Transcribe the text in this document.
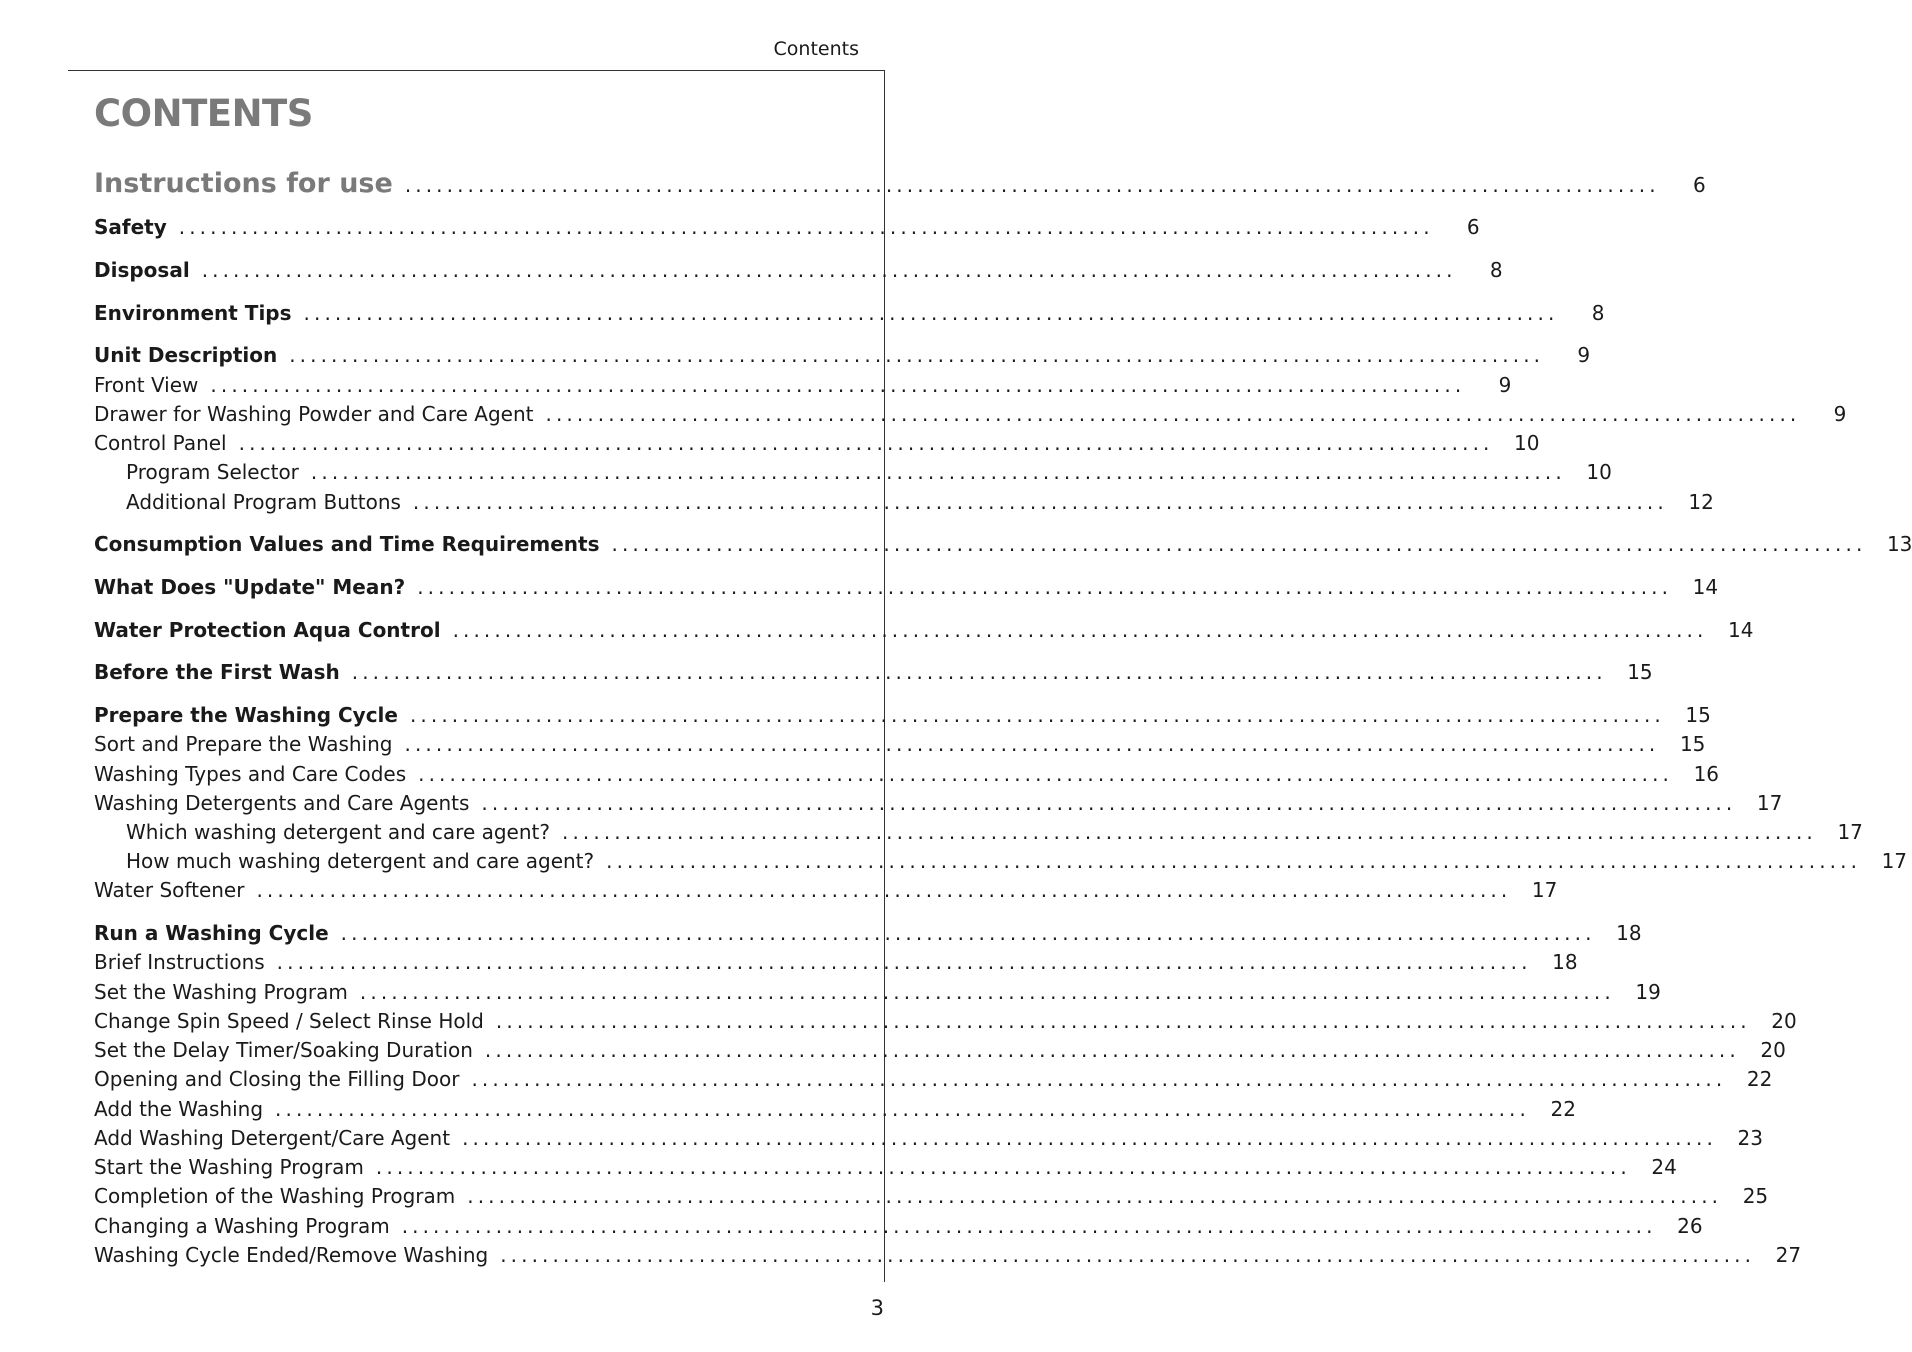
Contents
CONTENTS
Instructions for use ........................................................................................................................	6
Safety ........................................................................................................................	6
Disposal ........................................................................................................................	8
Environment Tips ........................................................................................................................	8
Unit Description ........................................................................................................................	9
Front View ........................................................................................................................	9
Drawer for Washing Powder and Care Agent ........................................................................................................................	9
Control Panel ........................................................................................................................	10
Program Selector ........................................................................................................................	10
Additional Program Buttons ........................................................................................................................	12
Consumption Values and Time Requirements ........................................................................................................................	13
What Does "Update" Mean? ........................................................................................................................	14
Water Protection Aqua Control ........................................................................................................................	14
Before the First Wash ........................................................................................................................	15
Prepare the Washing Cycle ........................................................................................................................	15
Sort and Prepare the Washing ........................................................................................................................	15
Washing Types and Care Codes ........................................................................................................................	16
Washing Detergents and Care Agents ........................................................................................................................	17
Which washing detergent and care agent? ........................................................................................................................	17
How much washing detergent and care agent? ........................................................................................................................	17
Water Softener ........................................................................................................................	17
Run a Washing Cycle ........................................................................................................................	18
Brief Instructions ........................................................................................................................	18
Set the Washing Program ........................................................................................................................	19
Change Spin Speed / Select Rinse Hold ........................................................................................................................	20
Set the Delay Timer/Soaking Duration ........................................................................................................................	20
Opening and Closing the Filling Door ........................................................................................................................	22
Add the Washing ........................................................................................................................	22
Add Washing Detergent/Care Agent ........................................................................................................................	23
Start the Washing Program ........................................................................................................................	24
Completion of the Washing Program ........................................................................................................................	25
Changing a Washing Program ........................................................................................................................	26
Washing Cycle Ended/Remove Washing ........................................................................................................................	27
3
